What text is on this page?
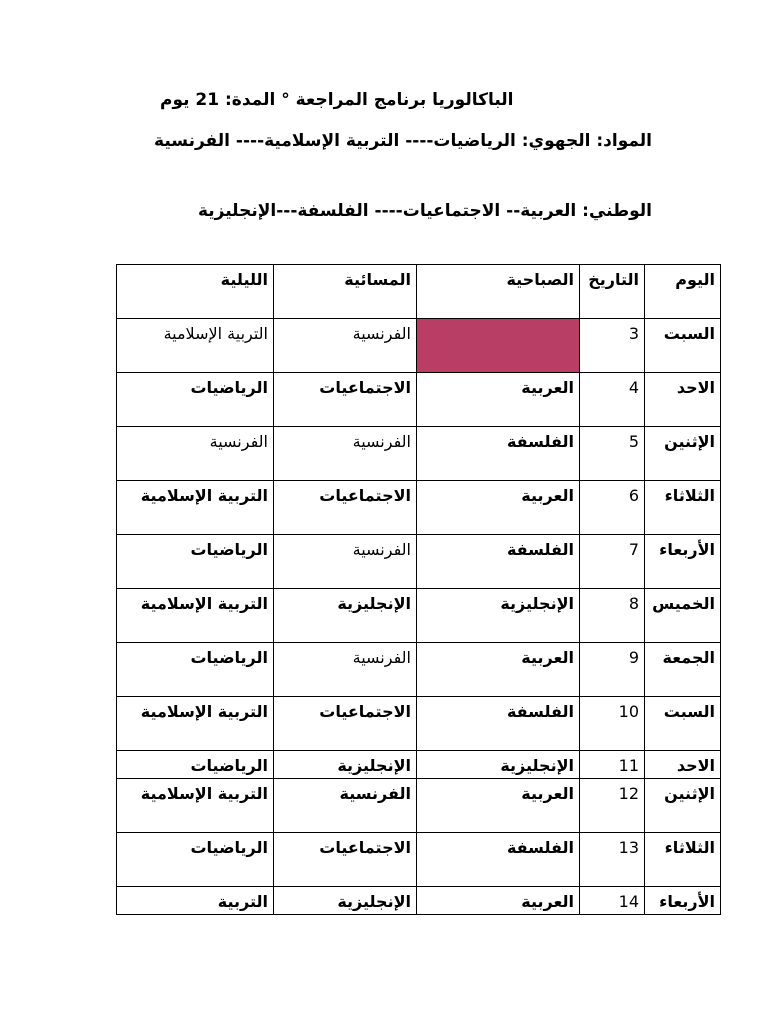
الباكالوريا برنامج المراجعة ° المدة: 21 يوم
المواد: الجهوي: الرياضيات---- التربية الإسلامية---- الفرنسية
الوطني: العربية-- الاجتماعيات---- الفلسفة---الإنجليزية
اليوم	التاريخ	الصباحية	المسائية	الليلية
السبت	3		الفرنسية	التربية الإسلامية
الاحد	4	العربية	الاجتماعيات	الرياضيات
الإثنين	5	الفلسفة	الفرنسية	الفرنسية
الثلاثاء	6	العربية	الاجتماعيات	التربية الإسلامية
الأربعاء	7	الفلسفة	الفرنسية	الرياضيات
الخميس	8	الإنجليزية	الإنجليزية	التربية الإسلامية
الجمعة	9	العربية	الفرنسية	الرياضيات
السبت	10	الفلسفة	الاجتماعيات	التربية الإسلامية
الاحد	11	الإنجليزية	الإنجليزية	الرياضيات
الإثنين	12	العربية	الفرنسية	التربية الإسلامية
الثلاثاء	13	الفلسفة	الاجتماعيات	الرياضيات
الأربعاء	14	العربية	الإنجليزية	التربية
